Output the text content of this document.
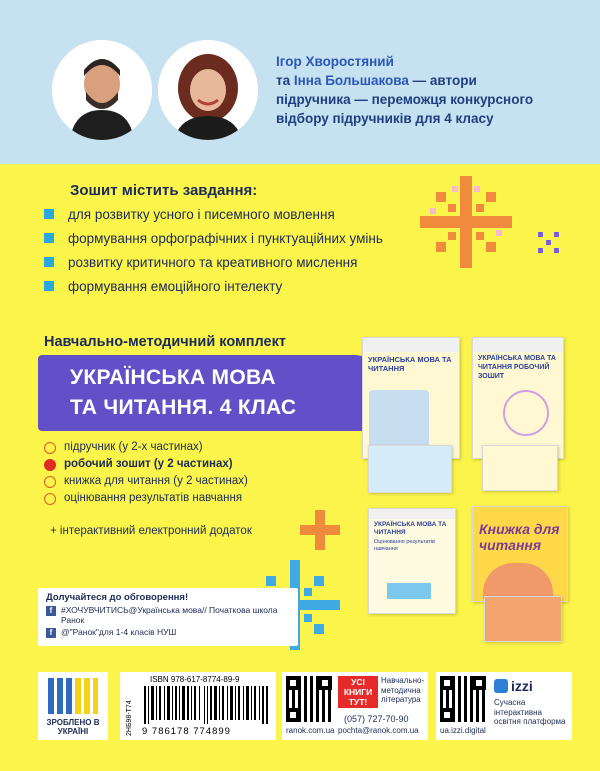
Ігор Хворостяний
та Інна Большакова — автори
підручника — переможця конкурсного
відбору підручників для 4 класу
Зошит містить завдання:
для розвитку усного і писемного мовлення
формування орфографічних і пунктуаційних умінь
розвитку критичного та креативного мислення
формування емоційного інтелекту
Навчально-методичний комплект
УКРАЇНСЬКА МОВА
ТА ЧИТАННЯ. 4 КЛАС
підручник (у 2-х частинах)
робочий зошит (у 2 частинах)
книжка для читання (у 2 частинах)
оцінювання результатів навчання
+ інтерактивний електронний додаток
УКРАЇНСЬКА МОВА ТА ЧИТАННЯ
УКРАЇНСЬКА МОВА ТА ЧИТАННЯ РОБОЧИЙ ЗОШИТ
УКРАЇНСЬКА МОВА ТА ЧИТАННЯ
Оцінювання результатів навчання
Книжка для читання
Долучайтеся до обговорення!
f	#ХОЧУВЧИТИСЬ@Українська мова// Початкова школа Ранок
f	@"Ранок"для 1-4 класів НУШ
ЗРОБЛЕНО В УКРАЇНІ
ISBN 978-617-8774-89-9
2НБ98-Т74 9 786178 774899
УСІ КНИГИ ТУТ!
Навчально-методична література
(057) 727-70-90
ranok.com.ua pochta@ranok.com.ua
izzi
Сучасна інтерактивна освітня платформа
ua.izzi.digital
